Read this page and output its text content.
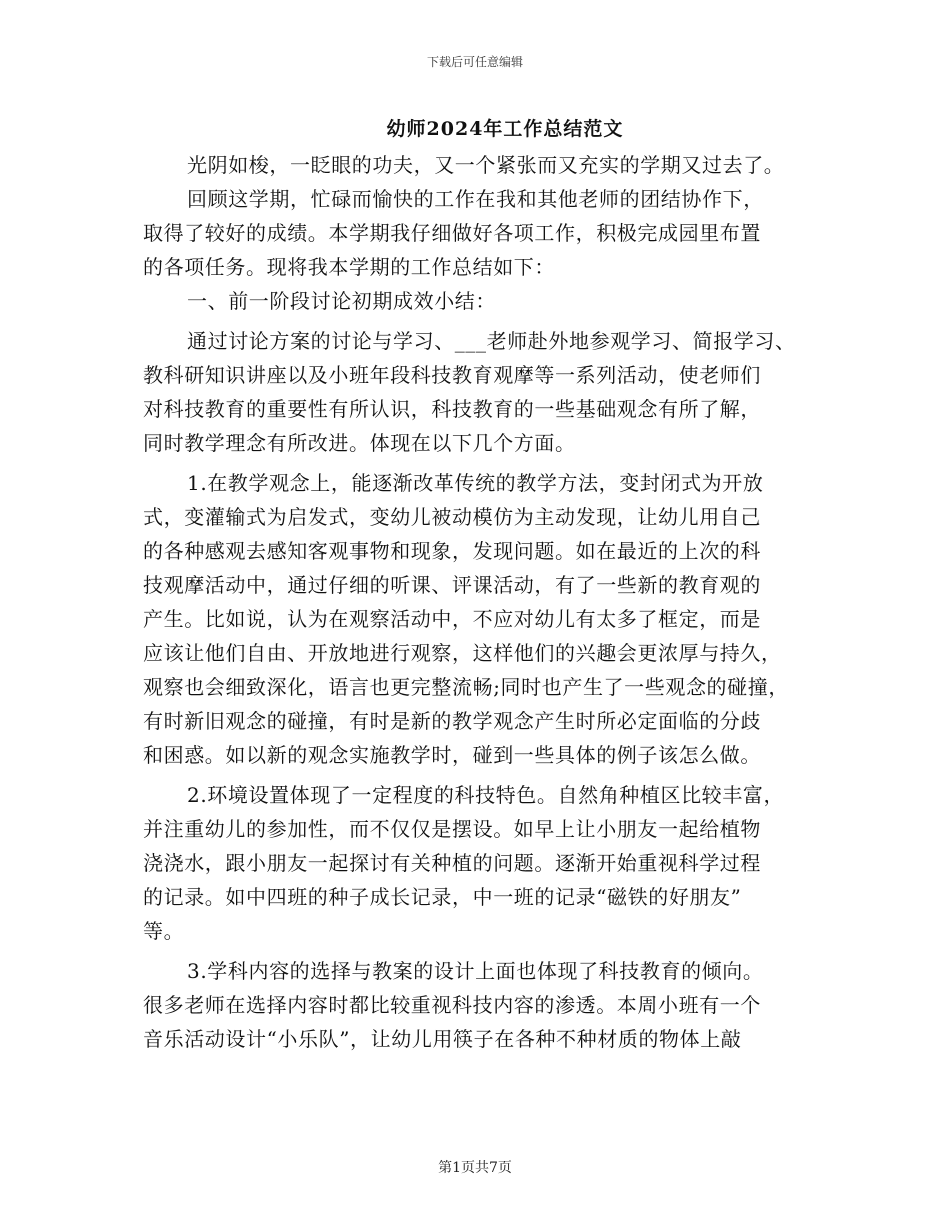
下载后可任意编辑
幼师2024年工作总结范文
光阴如梭，一眨眼的功夫，又一个紧张而又充实的学期又过去了。
回顾这学期，忙碌而愉快的工作在我和其他老师的团结协作下，
取得了较好的成绩。本学期我仔细做好各项工作，积极完成园里布置
的各项任务。现将我本学期的工作总结如下：
一、前一阶段讨论初期成效小结：
通过讨论方案的讨论与学习、___老师赴外地参观学习、简报学习、
教科研知识讲座以及小班年段科技教育观摩等一系列活动，使老师们
对科技教育的重要性有所认识，科技教育的一些基础观念有所了解，
同时教学理念有所改进。体现在以下几个方面。
1.在教学观念上，能逐渐改革传统的教学方法，变封闭式为开放
式，变灌输式为启发式，变幼儿被动模仿为主动发现，让幼儿用自己
的各种感观去感知客观事物和现象，发现问题。如在最近的上次的科
技观摩活动中，通过仔细的听课、评课活动，有了一些新的教育观的
产生。比如说，认为在观察活动中，不应对幼儿有太多了框定，而是
应该让他们自由、开放地进行观察，这样他们的兴趣会更浓厚与持久，
观察也会细致深化，语言也更完整流畅;同时也产生了一些观念的碰撞，
有时新旧观念的碰撞，有时是新的教学观念产生时所必定面临的分歧
和困惑。如以新的观念实施教学时，碰到一些具体的例子该怎么做。
2.环境设置体现了一定程度的科技特色。自然角种植区比较丰富，
并注重幼儿的参加性，而不仅仅是摆设。如早上让小朋友一起给植物
浇浇水，跟小朋友一起探讨有关种植的问题。逐渐开始重视科学过程
的记录。如中四班的种子成长记录，中一班的记录“磁铁的好朋友”
等。
3.学科内容的选择与教案的设计上面也体现了科技教育的倾向。
很多老师在选择内容时都比较重视科技内容的渗透。本周小班有一个
音乐活动设计“小乐队”，让幼儿用筷子在各种不种材质的物体上敲
第1页共7页
